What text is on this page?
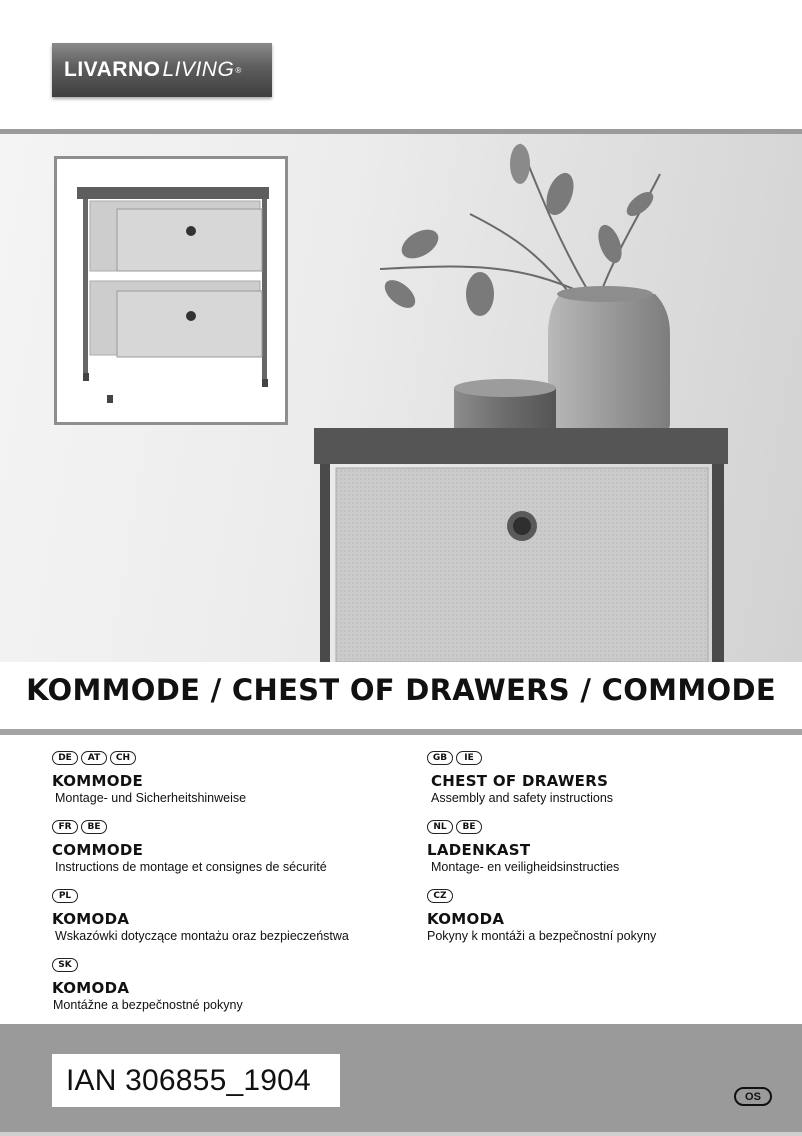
LIVARNO LIVING ®
KOMMODE / CHEST OF DRAWERS / COMMODE
DE	AT	CH
KOMMODE
Montage- und Sicherheitshinweise
GB	IE
CHEST OF DRAWERS
Assembly and safety instructions
FR	BE
COMMODE
Instructions de montage et consignes de sécurité
NL	BE
LADENKAST
Montage- en veiligheidsinstructies
PL
KOMODA
Wskazówki dotyczące montażu oraz bezpieczeństwa
CZ
KOMODA
Pokyny k montáži a bezpečnostní pokyny
SK
KOMODA
Montážne a bezpečnostné pokyny
IAN 306855_1904	OS
